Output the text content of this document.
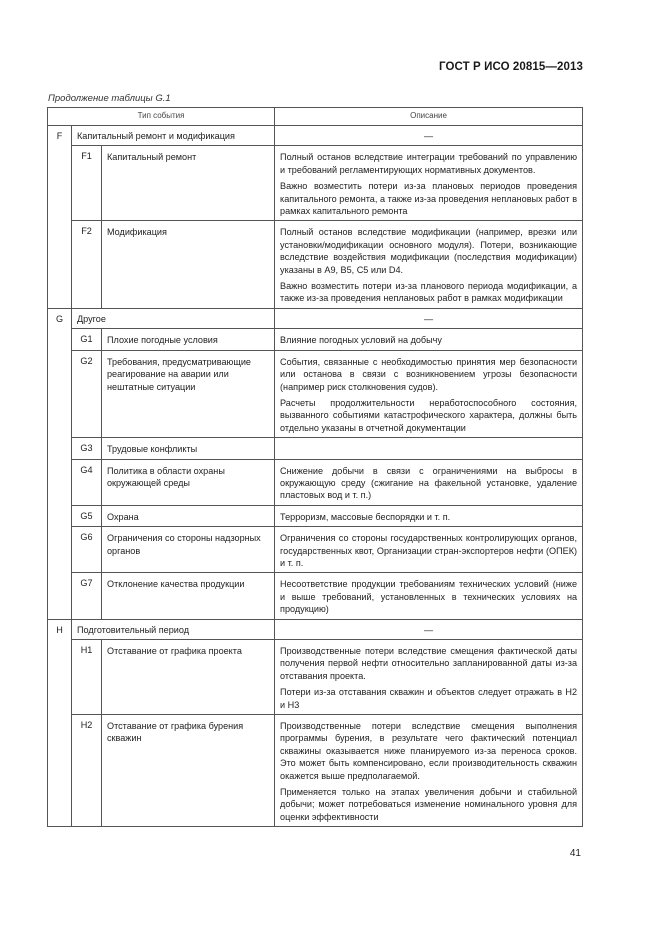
ГОСТ Р ИСО 20815—2013
Продолжение таблицы G.1
Тип события			Описание
F	Капитальный ремонт и модификация		—
	F1	Капитальный ремонт	Полный останов вследствие интеграции требований по управлению и требований регламентирующих нормативных документов.
Важно возместить потери из-за плановых периодов проведения капитального ремонта, а также из-за проведения неплановых работ в рамках капитального ремонта

	F2	Модификация	Полный останов вследствие модификации (например, врезки или установки/модификации основного модуля). Потери, возникающие вследствие воздействия модификации (последствия модификации) указаны в А9, В5, С5 или D4.
Важно возместить потери из-за планового периода модификации, а также из-за проведения неплановых работ в рамках модификации

G	Другое		—
	G1	Плохие погодные условия	Влияние погодных условий на добычу

	G2	Требования, предусматривающие реагирование на аварии или нештатные ситуации	События, связанные с необходимостью принятия мер безопасности или останова в связи с возникновением угрозы безопасности (например риск столкновения судов).
Расчеты продолжительности неработоспособного состояния, вызванного событиями катастрофического характера, должны быть отдельно указаны в отчетной документации

	G3	Трудовые конфликты	
	G4	Политика в области охраны окружающей среды	Снижение добычи в связи с ограничениями на выбросы в окружающую среду (сжигание на факельной установке, удаление пластовых вод и т. п.)

	G5	Охрана	Терроризм, массовые беспорядки и т. п.

	G6	Ограничения со стороны надзорных органов	Ограничения со стороны государственных контролирующих органов, государственных квот, Организации стран-экспортеров нефти (ОПЕК) и т. п.

	G7	Отклонение качества продукции	Несоответствие продукции требованиям технических условий (ниже и выше требований, установленных в технических условиях на продукцию)

H	Подготовительный период		—
	H1	Отставание от графика проекта	Производственные потери вследствие смещения фактической даты получения первой нефти относительно запланированной даты из-за отставания проекта.
Потери из-за отставания скважин и объектов следует отражать в H2 и H3

	H2	Отставание от графика бурения скважин	Производственные потери вследствие смещения выполнения программы бурения, в результате чего фактический потенциал скважины оказывается ниже планируемого из-за переноса сроков. Это может быть компенсировано, если производительность скважин окажется выше предполагаемой.
Применяется только на этапах увеличения добычи и стабильной добычи; может потребоваться изменение номинального уровня для оценки эффективности
41
